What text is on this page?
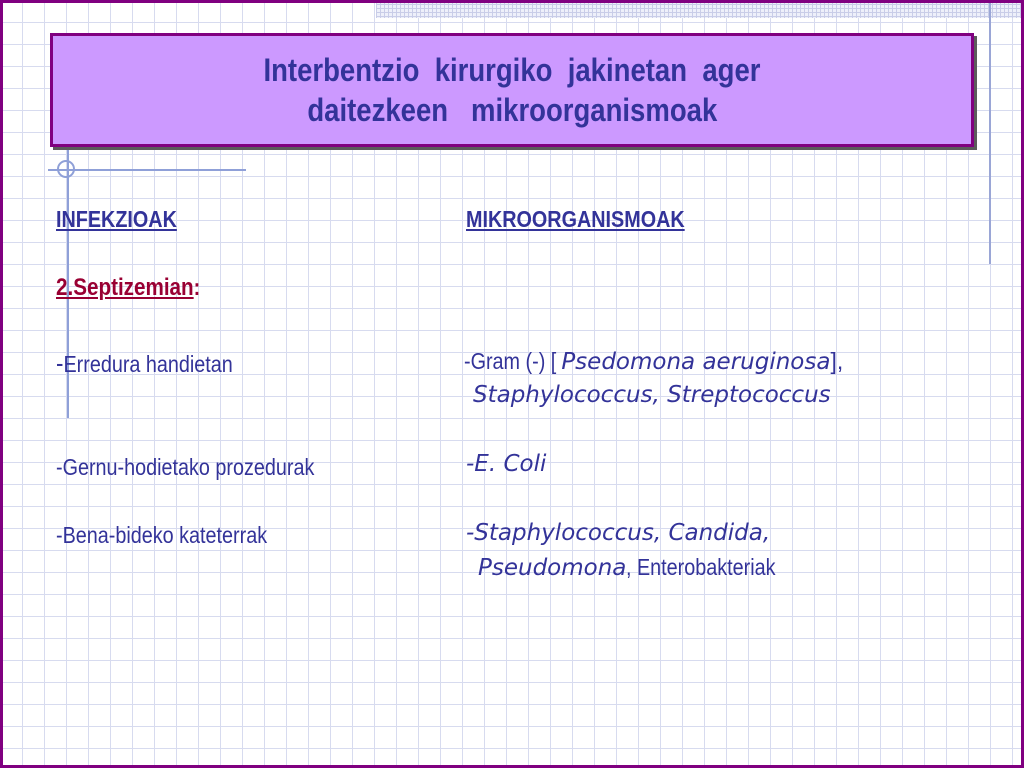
Interbentzio  kirurgiko  jakinetan  ager
daitezkeen   mikroorganismoak
INFEKZIOAK	MIKROORGANISMOAK
2.Septizemian:
-Erredura handietan	-Gram (-) [ Psedomona aeruginosa],
Staphylococcus, Streptococcus
-Gernu-hodietako prozedurak	-E. Coli
-Bena-bideko kateterrak	-Staphylococcus, Candida,
Pseudomona, Enterobakteriak
